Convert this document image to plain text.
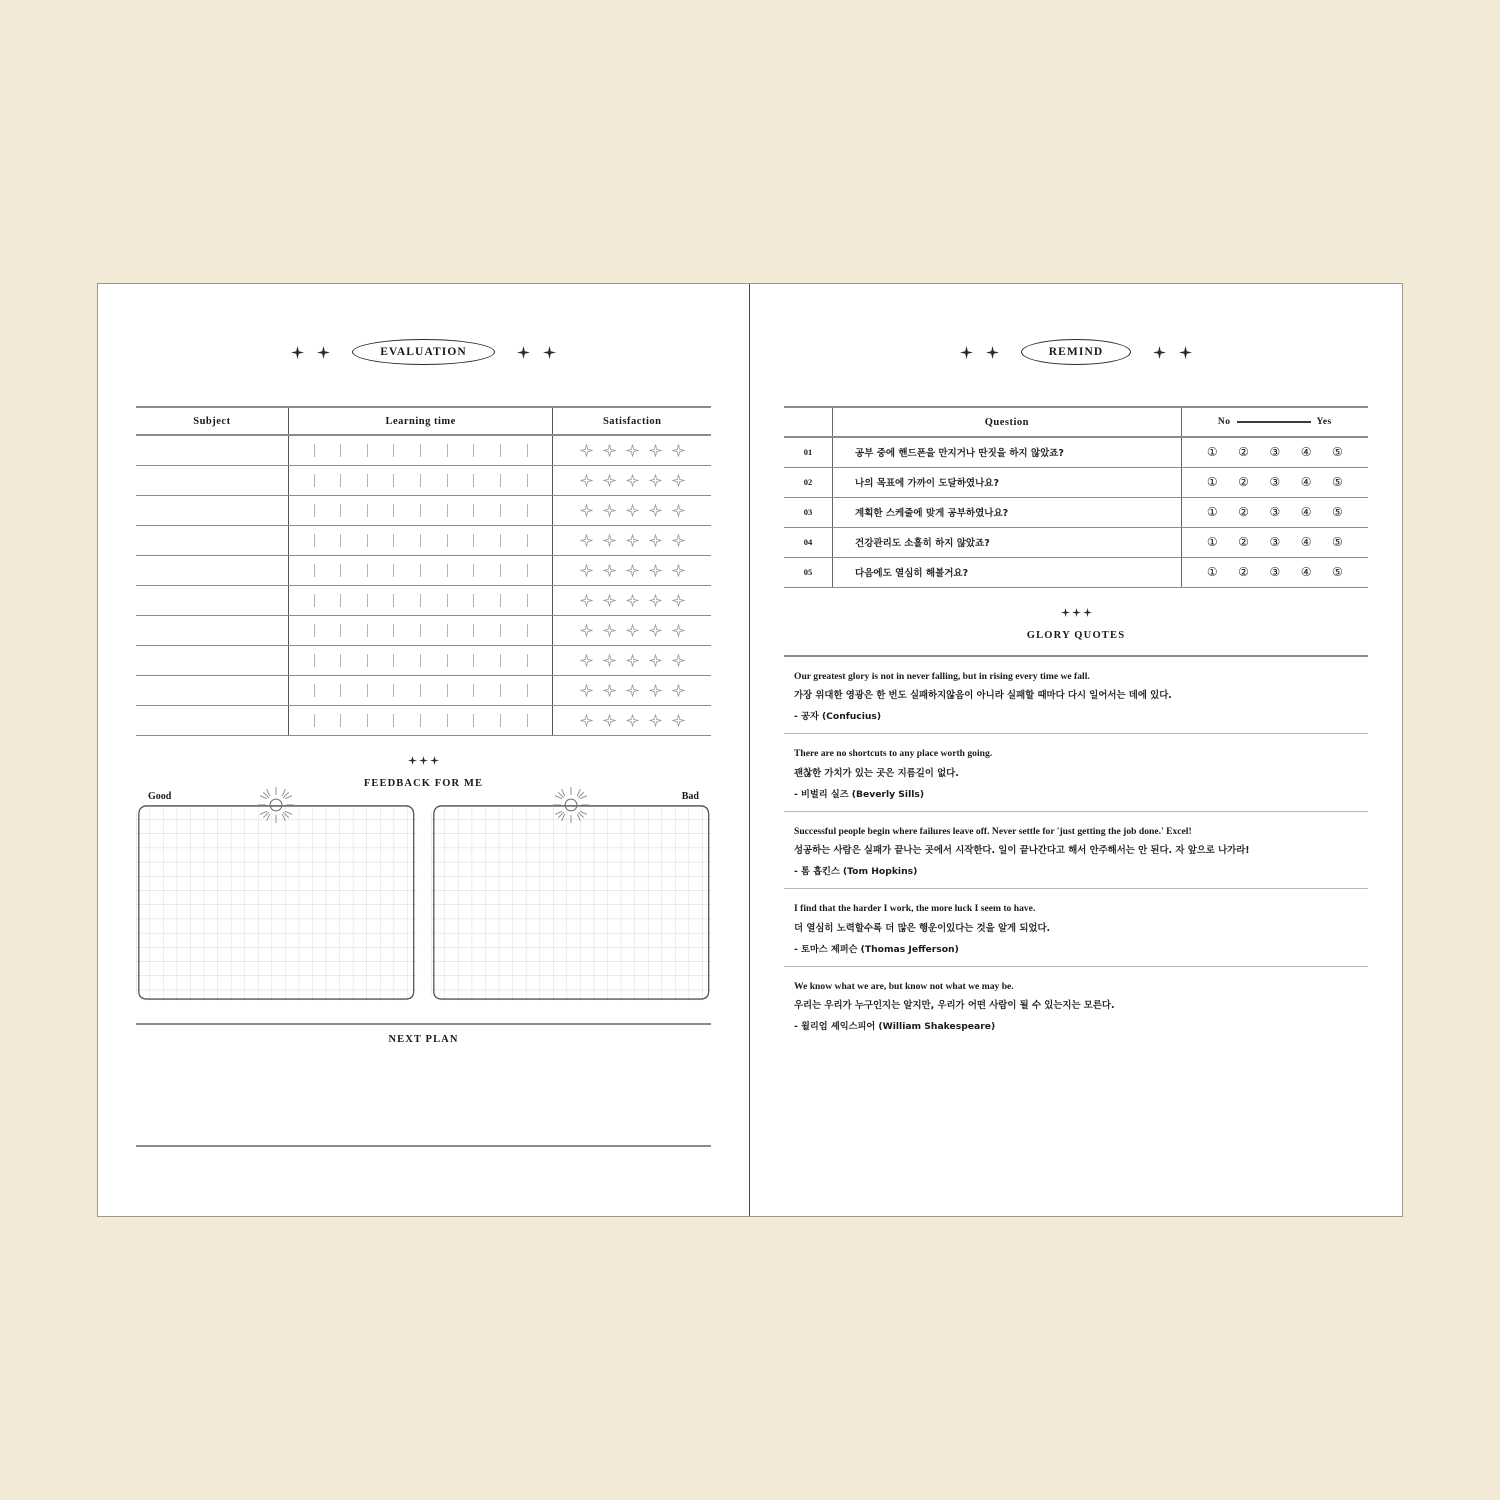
EVALUATION
Subject	Learning time	Satisfaction

FEEDBACK FOR ME
Good	Bad
NEXT PLAN
REMIND
	Question	No Yes

01	공부 중에 핸드폰을 만지거나 딴짓을 하지 않았죠?	① ② ③ ④ ⑤

02	나의 목표에 가까이 도달하였나요?	① ② ③ ④ ⑤

03	계획한 스케줄에 맞게 공부하였나요?	① ② ③ ④ ⑤

04	건강관리도 소홀히 하지 않았죠?	① ② ③ ④ ⑤

05	다음에도 열심히 해볼거요?	① ② ③ ④ ⑤
GLORY QUOTES
Our greatest glory is not in never falling, but in rising every time we fall.
가장 위대한 영광은 한 번도 실패하지않음이 아니라 실패할 때마다 다시 일어서는 데에 있다.
- 공자 (Confucius)
There are no shortcuts to any place worth going.
괜찮한 가치가 있는 곳은 지름길이 없다.
- 비벌리 실즈 (Beverly Sills)
Successful people begin where failures leave off. Never settle for 'just getting the job done.' Excel!
성공하는 사람은 실패가 끝나는 곳에서 시작한다. 일이 끝나간다고 해서 안주해서는 안 된다. 자 앞으로 나가라!
- 톰 홉킨스 (Tom Hopkins)
I find that the harder I work, the more luck I seem to have.
더 열심히 노력할수록 더 많은 행운이있다는 것을 알게 되었다.
- 토마스 제퍼슨 (Thomas Jefferson)
We know what we are, but know not what we may be.
우리는 우리가 누구인지는 알지만, 우리가 어떤 사람이 될 수 있는지는 모른다.
- 윌리엄 셰익스피어 (William Shakespeare)
